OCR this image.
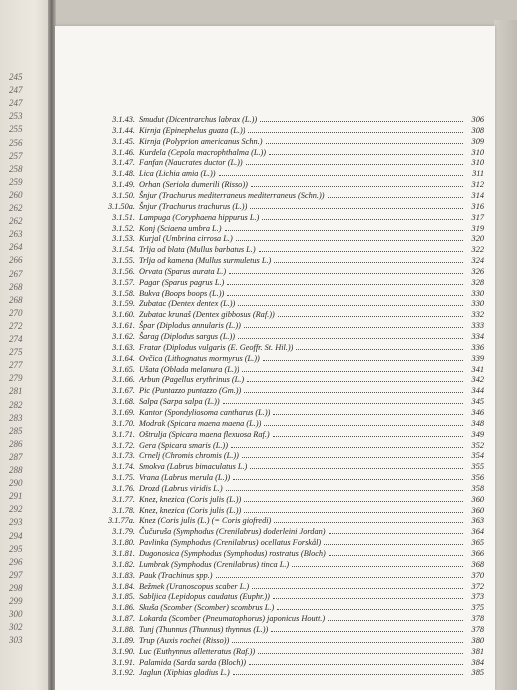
245
247
247
253
255
256
257
258
259
260
262
262
263
264
266
267
268
268
270
272
274
275
277
279
281
282
283
285
286
287
288
290
291
292
293
294
295
296
297
298
299
300
302
303
3.1.43. Smudut (Dicentrarchus labrax (L.))	306
3.1.44. Kirnja (Epinephelus guaza (L.))	308
3.1.45. Kirnja (Polyprion americanus Schn.)	309
3.1.46. Kurdela (Cepola macrophthalma (L.))	310
3.1.47. Fanfan (Naucrates ductor (L.))	310
3.1.48. Lica (Lichia amia (L.))	311
3.1.49. Orhan (Seriola dumerili (Risso))	312
3.1.50. Šnjur (Trachurus mediterraneus mediterraneus (Schn.))	314
3.1.50a. Šnjur (Trachurus trachurus (L.))	316
3.1.51. Lampuga (Coryphaena hippurus L.)	317
3.1.52. Konj (Sciaena umbra L.)	319
3.1.53. Kurjal (Umbrina cirrosa L.)	320
3.1.54. Trlja od blata (Mullus barbatus L.)	322
3.1.55. Trlja od kamena (Mullus surmuletus L.)	324
3.1.56. Orvata (Sparus aurata L.)	326
3.1.57. Pagar (Sparus pagrus L.)	328
3.1.58. Bukva (Boops boops (L.))	330
3.1.59. Zubatac (Dentex dentex (L.))	330
3.1.60. Zubatac krunaš (Dentex gibbosus (Raf.))	332
3.1.61. Špar (Diplodus annularis (L.))	333
3.1.62. Šarag (Diplodus sargus (L.))	334
3.1.63. Fratar (Diplodus vulgaris (E. Geoffr. St. Hil.))	336
3.1.64. Ovčica (Lithognatus mormyrus (L.))	339
3.1.65. Ušata (Oblada melanura (L.))	341
3.1.66. Arbun (Pagellus erythrinus (L.)	342
3.1.67. Pic (Puntazzo puntazzo (Gm.))	344
3.1.68. Salpa (Sarpa salpa (L.))	345
3.1.69. Kantor (Spondyliosoma cantharus (L.))	346
3.1.70. Modrak (Spicara maena maena (L.))	348
3.1.71. Oštrulja (Spicara maena flexuosa Raf.)	349
3.1.72. Gera (Spicara smaris (L.))	352
3.1.73. Crnelj (Chromis chromis (L.))	354
3.1.74. Smokva (Labrus bimaculatus L.)	355
3.1.75. Vrana (Labrus merula (L.))	356
3.1.76. Drozd (Labrus viridis L.)	358
3.1.77. Knez, knezica (Coris julis (L.))	360
3.1.78. Knez, knezica (Coris julis (L.))	360
3.1.77a. Knez (Coris julis (L.) (= Coris giofredi)	363
3.1.79. Čučuruša (Symphodus (Crenilabrus) doderleini Jordan)	364
3.1.80. Pavlinka (Symphodus (Crenilabrus) ocellatus Forskål)	365
3.1.81. Dugonosica (Symphodus (Symphodus) rostratus (Bloch)	366
3.1.82. Lumbrak (Symphodus (Crenilabrus) tinca L.)	368
3.1.83. Pauk (Trachinus spp.)	370
3.1.84. Bežmek (Uranoscopus scaber L.)	372
3.1.85. Sabljica (Lepidopus caudatus (Euphr.))	373
3.1.86. Skuša (Scomber (Scomber) scombrus L.)	375
3.1.87. Lokarda (Scomber (Pneumatophorus) japonicus Houtt.)	378
3.1.88. Tunj (Thunnus (Thunnus) thynnus (L.))	378
3.1.89. Trup (Auxis rochei (Risso))	380
3.1.90. Luc (Euthynnus alletteratus (Raf.))	381
3.1.91. Palamida (Sarda sarda (Bloch))	384
3.1.92. Jaglun (Xiphias gladius L.)	385
